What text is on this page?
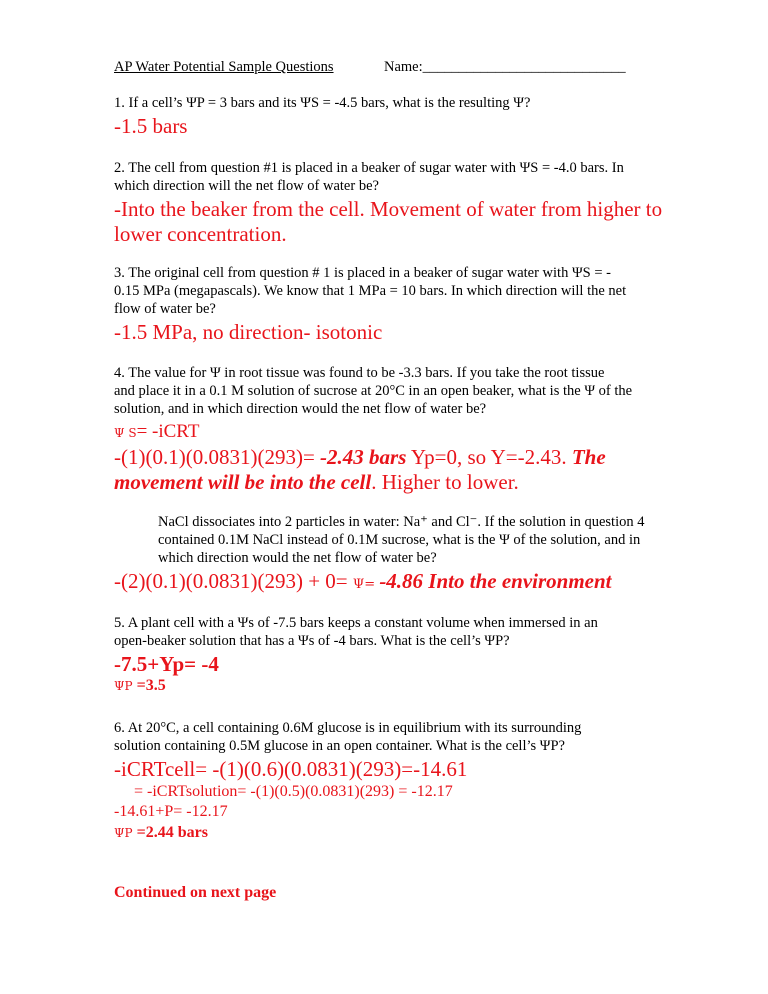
AP Water Potential Sample Questions	Name:____________________________
1. If a cell’s ΨP = 3 bars and its ΨS = -4.5 bars, what is the resulting Ψ?
-1.5 bars
2. The cell from question #1 is placed in a beaker of sugar water with ΨS = -4.0 bars. In
which direction will the net flow of water be?
-Into the beaker from the cell. Movement of water from higher to
lower concentration.
3. The original cell from question # 1 is placed in a beaker of sugar water with ΨS = -
0.15 MPa (megapascals). We know that 1 MPa = 10 bars. In which direction will the net
flow of water be?
-1.5 MPa, no direction- isotonic
4. The value for Ψ in root tissue was found to be -3.3 bars. If you take the root tissue
and place it in a 0.1 M solution of sucrose at 20°C in an open beaker, what is the Ψ of the
solution, and in which direction would the net flow of water be?
Ψ S= -iCRT
-(1)(0.1)(0.0831)(293)= -2.43 bars Yp=0, so Y=-2.43. The
movement will be into the cell. Higher to lower.
NaCl dissociates into 2 particles in water: Na⁺ and Cl⁻. If the solution in question 4
contained 0.1M NaCl instead of 0.1M sucrose, what is the Ψ of the solution, and in
which direction would the net flow of water be?
-(2)(0.1)(0.0831)(293) + 0= Ψ= -4.86 Into the environment
5. A plant cell with a Ψs of -7.5 bars keeps a constant volume when immersed in an
open-beaker solution that has a Ψs of -4 bars. What is the cell’s ΨP?
-7.5+Yp= -4
ΨP =3.5
6. At 20°C, a cell containing 0.6M glucose is in equilibrium with its surrounding
solution containing 0.5M glucose in an open container. What is the cell’s ΨP?
-iCRTcell= -(1)(0.6)(0.0831)(293)=-14.61
= -iCRTsolution= -(1)(0.5)(0.0831)(293) = -12.17
-14.61+P= -12.17
ΨP =2.44 bars
Continued on next page
